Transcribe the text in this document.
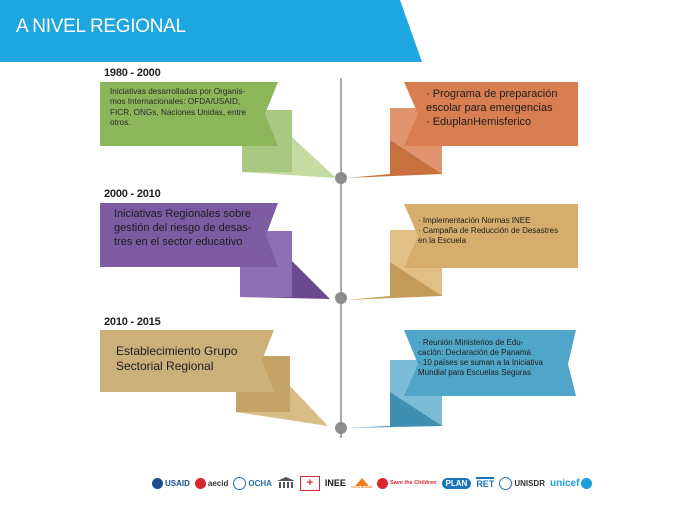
A NIVEL REGIONAL
1980 - 2000
2000 - 2010
2010 - 2015
Iniciativas desarrolladas por Organis-
mos Internacionales: OFDA/USAID,
FICR, ONGs, Naciones Unidas, entre
otros.
Iniciativas Regionales sobre
gestión del riesgo de desas-
tres en el sector educativo
Establecimiento Grupo
Sectorial Regional
· Programa de preparación
escolar para emergencias
· EduplanHemisferico
· Implementación Normas INEE
· Campaña de Reducción de Desastres
en la Escuela
· Reunión Ministerios de Edu-
cación: Declaración de Panamá
· 10 países se suman a la Iniciativa
Mundial para Escuelas Seguras
USAID aecid	OCHA	+	INEE Visión Mundial
Save the Children	PLAN	RET	UNISDR unicef
